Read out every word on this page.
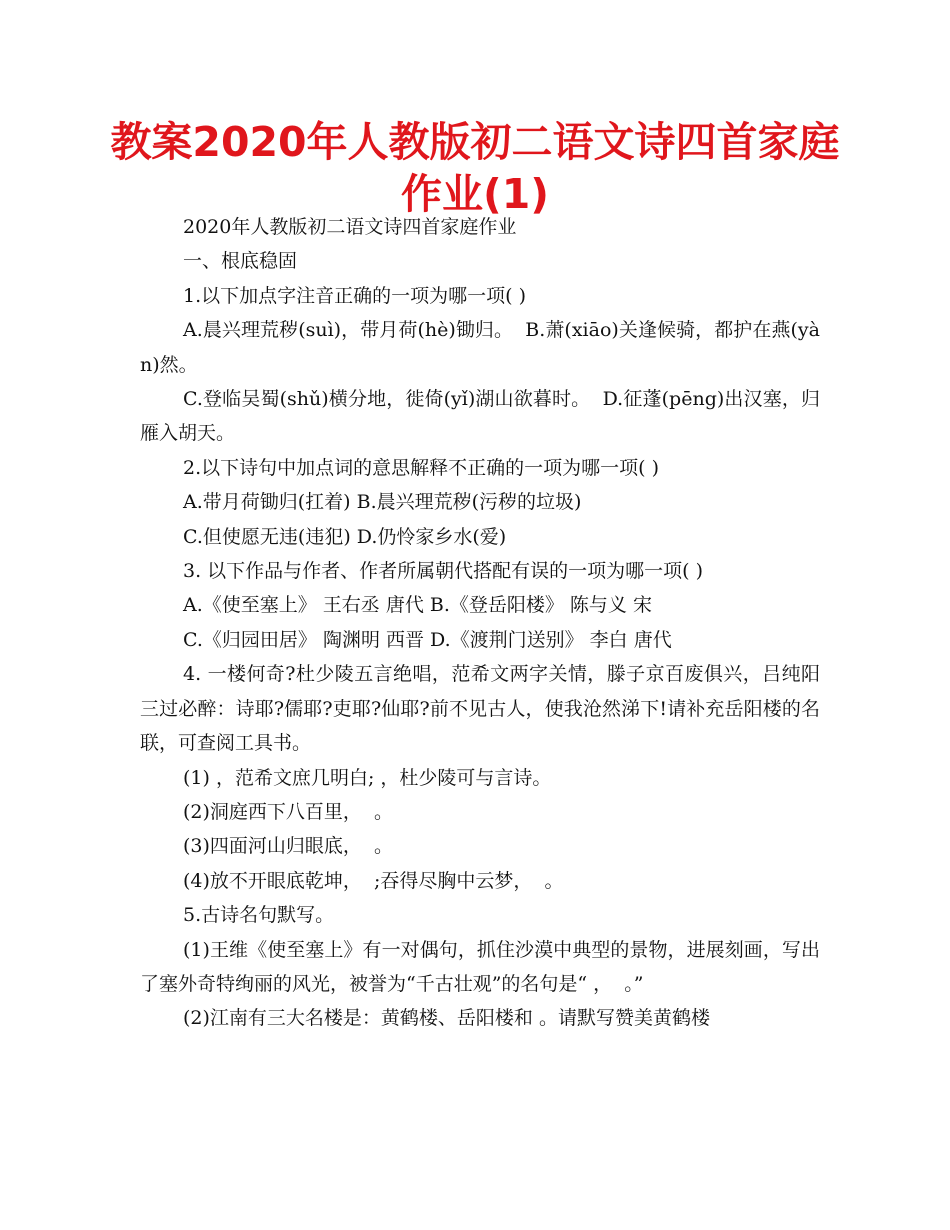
教案2020年人教版初二语文诗四首家庭作业(1)

2020年人教版初二语文诗四首家庭作业

一、根底稳固

1.以下加点字注音正确的一项为哪一项( )

A.晨兴理荒秽(suì)，带月荷(hè)锄归。  B.萧(xiāo)关逢候骑，都护在燕(yàn)然。

C.登临吴蜀(shǔ)横分地，徙倚(yǐ)湖山欲暮时。  D.征蓬(pēng)出汉塞，归雁入胡天。

2.以下诗句中加点词的意思解释不正确的一项为哪一项( )

A.带月荷锄归(扛着) B.晨兴理荒秽(污秽的垃圾)

C.但使愿无违(违犯) D.仍怜家乡水(爱)

3. 以下作品与作者、作者所属朝代搭配有误的一项为哪一项( )

A.《使至塞上》 王右丞 唐代 B.《登岳阳楼》 陈与义 宋

C.《归园田居》 陶渊明 西晋 D.《渡荆门送别》 李白 唐代

4. 一楼何奇?杜少陵五言绝唱，范希文两字关情，滕子京百废俱兴，吕纯阳三过必醉：诗耶?儒耶?吏耶?仙耶?前不见古人，使我沧然涕下!请补充岳阳楼的名联，可查阅工具书。

(1) ，范希文庶几明白; ，杜少陵可与言诗。

(2)洞庭西下八百里，  。

(3)四面河山归眼底，  。

(4)放不开眼底乾坤，  ;吞得尽胸中云梦，  。

5.古诗名句默写。

(1)王维《使至塞上》有一对偶句，抓住沙漠中典型的景物，进展刻画，写出了塞外奇特绚丽的风光，被誉为“千古壮观”的名句是“ ，  。”

(2)江南有三大名楼是：黄鹤楼、岳阳楼和 。请默写赞美黄鹤楼
